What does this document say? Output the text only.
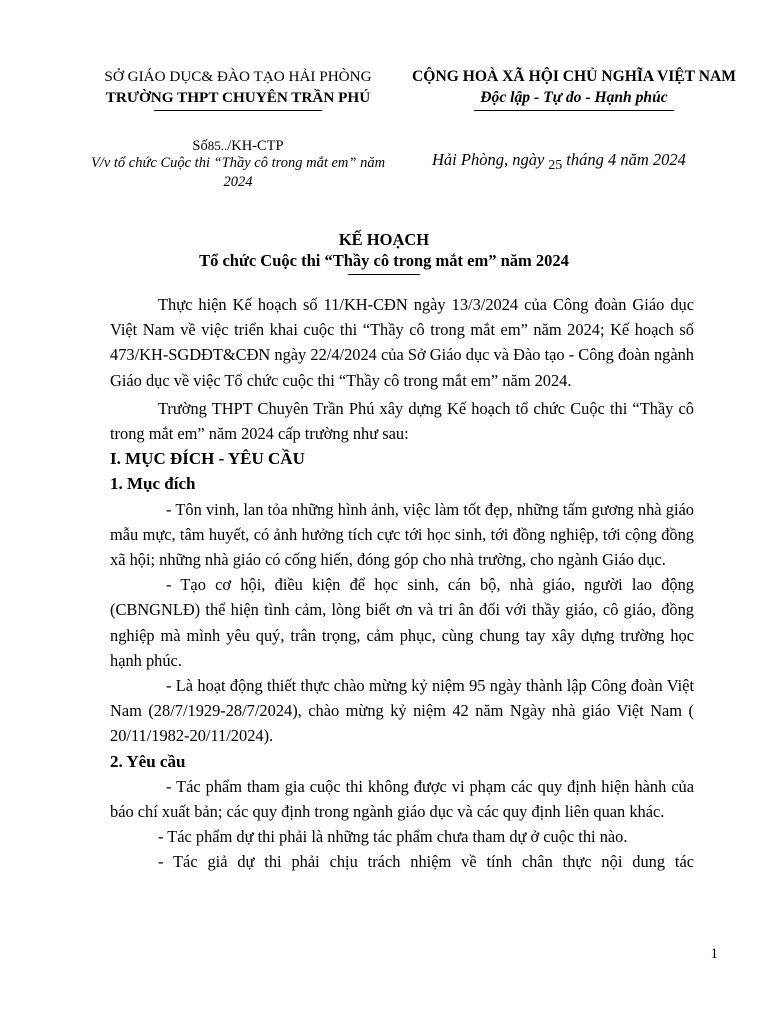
SỞ GIÁO DỤC& ĐÀO TẠO HẢI PHÒNG
TRƯỜNG THPT CHUYÊN TRẦN PHÚ
CỘNG HOÀ XÃ HỘI CHỦ NGHĨA VIỆT NAM
Độc lập - Tự do - Hạnh phúc
Số85../KH-CTP
V/v tổ chức Cuộc thi “Thầy cô trong mắt em” năm 2024
Hải Phòng, ngày $_{25}$ tháng 4 năm 2024
KẾ HOẠCH
Tổ chức Cuộc thi “Thầy cô trong mắt em” năm 2024

Thực hiện Kế hoạch số 11/KH-CĐN ngày 13/3/2024 của Công đoàn Giáo dục Việt Nam về việc triển khai cuộc thi “Thầy cô trong mắt em” năm 2024; Kế hoạch số 473/KH-SGDĐT&CĐN ngày 22/4/2024 của Sở Giáo dục và Đào tạo - Công đoàn ngành Giáo dục về việc Tổ chức cuộc thi “Thầy cô trong mắt em” năm 2024.

Trường THPT Chuyên Trần Phú xây dựng Kế hoạch tổ chức Cuộc thi “Thầy cô trong mắt em” năm 2024 cấp trường như sau:

I. MỤC ĐÍCH - YÊU CẦU

1. Mục đích

- Tôn vinh, lan tỏa những hình ảnh, việc làm tốt đẹp, những tấm gương nhà giáo mẫu mực, tâm huyết, có ảnh hưởng tích cực tới học sinh, tới đồng nghiệp, tới cộng đồng xã hội; những nhà giáo có cống hiến, đóng góp cho nhà trường, cho ngành Giáo dục.

- Tạo cơ hội, điều kiện để học sinh, cán bộ, nhà giáo, người lao động (CBNGNLĐ) thể hiện tình cảm, lòng biết ơn và tri ân đối với thầy giáo, cô giáo, đồng nghiệp mà mình yêu quý, trân trọng, cảm phục, cùng chung tay xây dựng trường học hạnh phúc.

- Là hoạt động thiết thực chào mừng kỷ niệm 95 ngày thành lập Công đoàn Việt Nam (28/7/1929-28/7/2024), chào mừng kỷ niệm 42 năm Ngày nhà giáo Việt Nam ( 20/11/1982-20/11/2024).

2. Yêu cầu

- Tác phẩm tham gia cuộc thi không được vi phạm các quy định hiện hành của báo chí xuất bản; các quy định trong ngành giáo dục và các quy định liên quan khác.

- Tác phẩm dự thi phải là những tác phẩm chưa tham dự ở cuộc thi nào.

- Tác giả dự thi phải chịu trách nhiệm về tính chân thực nội dung tác

1
